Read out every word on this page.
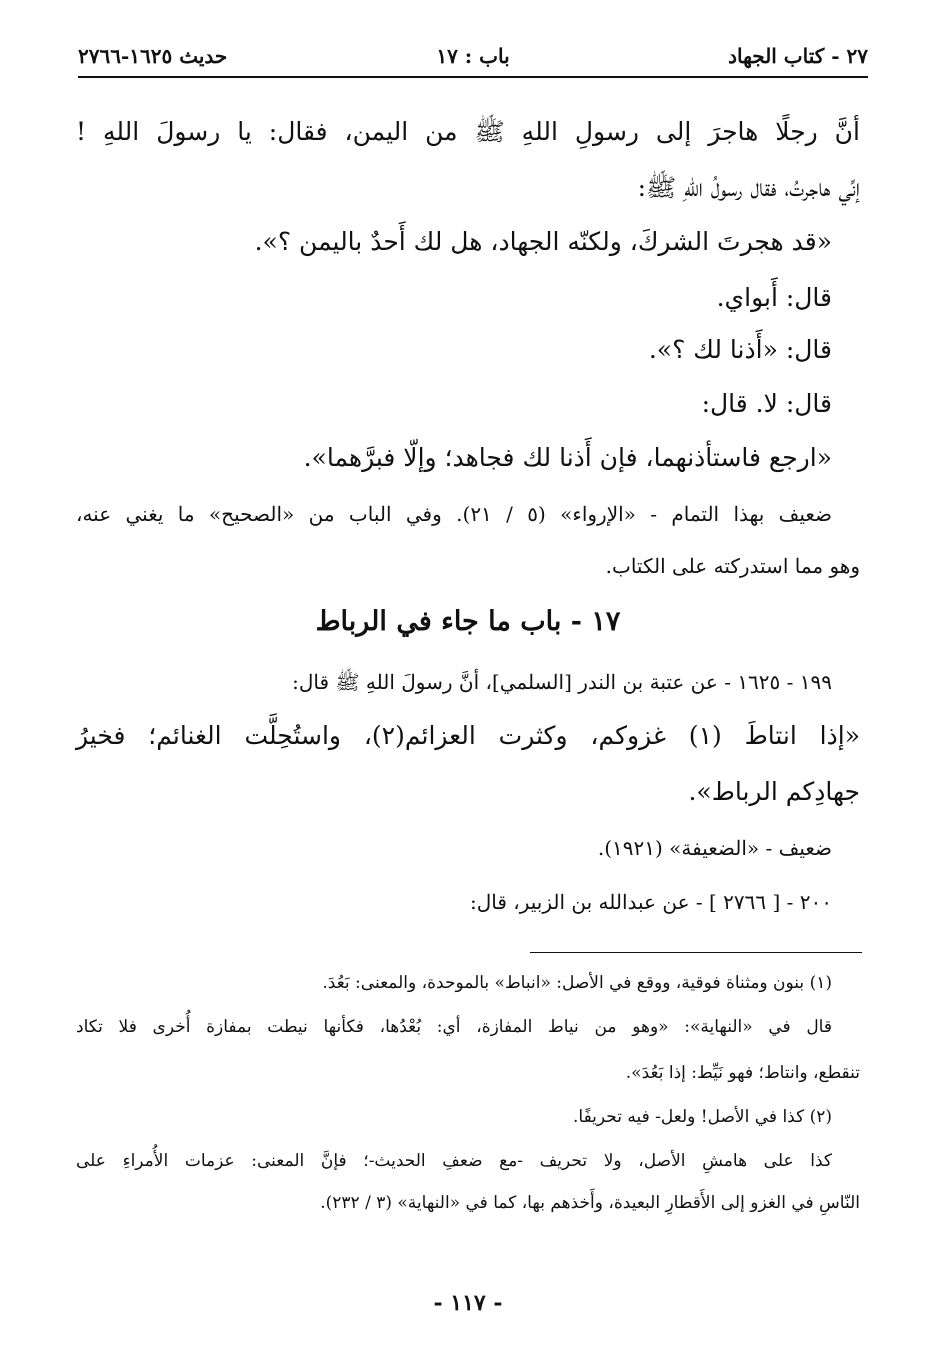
٢٧ - كتاب الجهاد
باب : ١٧
حديث ١٦٢٥-٢٧٦٦
أنَّ رجلًا هاجرَ إلى رسولِ اللهِ ﷺ من اليمن، فقال: يا رسولَ اللهِ !
إنِّي هاجرتُ، فقال رسولُ اللهِ ﷺ:
«قد هجرتَ الشركَ، ولكنّه الجهاد، هل لك أَحدٌ باليمن ؟».
قال: أَبواي.
قال: «أَذنا لك ؟».
قال: لا. قال:
«ارجع فاستأذنهما، فإن أَذنا لك فجاهد؛ وإلّا فبرَّهما».
ضعيف بهذا التمام - «الإرواء» (٥ / ٢١). وفي الباب من «الصحيح» ما يغني عنه،
وهو مما استدركته على الكتاب.
١٧ - باب ما جاء في الرباط
١٩٩ - ١٦٢٥ - عن عتبة بن الندر [السلمي]، أنَّ رسولَ اللهِ ﷺ قال:
«إذا انتاطَ (١) غزوكم، وكثرت العزائم(٢)، واستُحِلَّت الغنائم؛ فخيرُ
جهادِكم الرباط».
ضعيف - «الضعيفة» (١٩٢١).
٢٠٠ - [ ٢٧٦٦ ] - عن عبدالله بن الزبير، قال:
(١) بنون ومثناة فوقية، ووقع في الأصل: «انباط» بالموحدة، والمعنى: بَعُدَ.
قال في «النهاية»: «وهو من نياط المفازة، أي: بُعْدُها، فكأنها نيطت بمفازة أُخرى فلا تكاد
تنقطع، وانتاط؛ فهو نَيِّط: إذا بَعُدَ».
(٢) كذا في الأصل! ولعل- فيه تحريفًا.
كذا على هامشِ الأصل، ولا تحريف -مع ضعفِ الحديث-؛ فإنَّ المعنى: عزمات الأُمراءِ على
النّاسِ في الغزو إلى الأَقطارِ البعيدة، وأَخذهم بها، كما في «النهاية» (٣ / ٢٣٢).
- ١١٧ -
